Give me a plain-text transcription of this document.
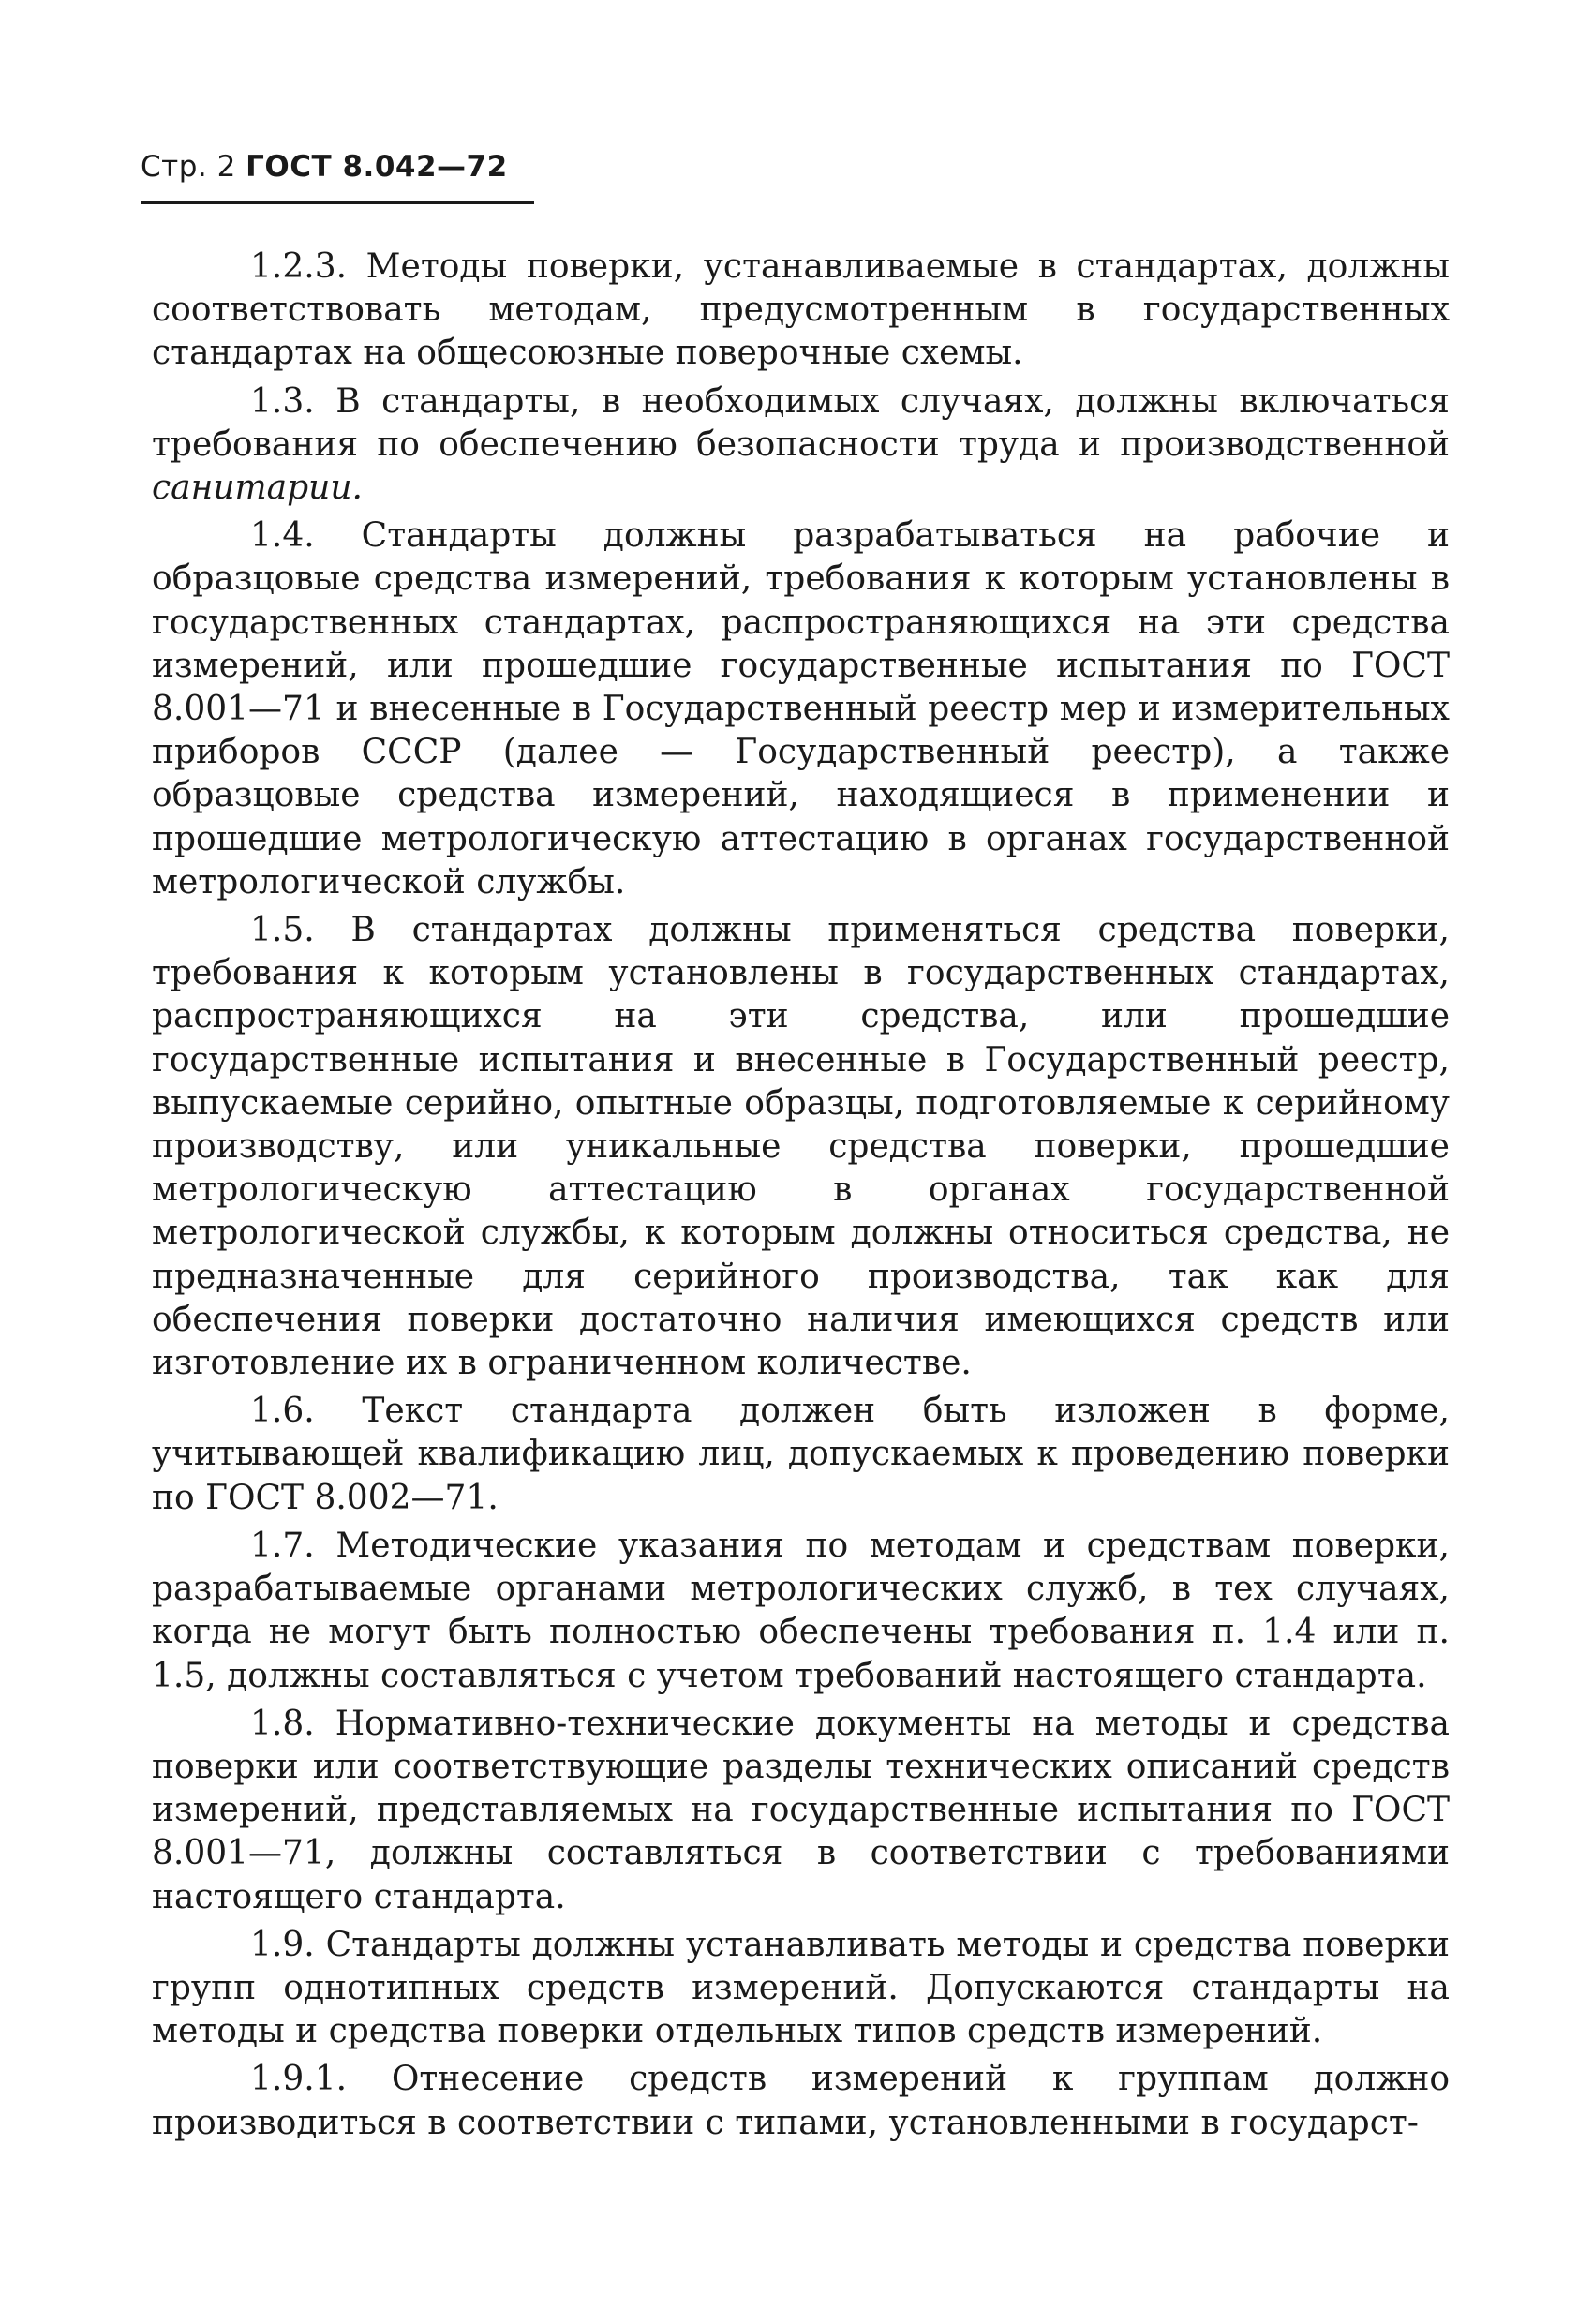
Стр. 2 ГОСТ 8.042—72

1.2.3. Методы поверки, устанавливаемые в стандартах, должны соответствовать методам, предусмотренным в государственных стандартах на общесоюзные поверочные схемы.

1.3. В стандарты, в необходимых случаях, должны включаться требования по обеспечению безопасности труда и производственной санитарии.

1.4. Стандарты должны разрабатываться на рабочие и образцовые средства измерений, требования к которым установлены в государственных стандартах, распространяющихся на эти средства измерений, или прошедшие государственные испытания по ГОСТ 8.001—71 и внесенные в Государственный реестр мер и измерительных приборов СССР (далее — Государственный реестр), а также образцовые средства измерений, находящиеся в применении и прошедшие метрологическую аттестацию в органах государственной метрологической службы.

1.5. В стандартах должны применяться средства поверки, требования к которым установлены в государственных стандартах, распространяющихся на эти средства, или прошедшие государственные испытания и внесенные в Государственный реестр, выпускаемые серийно, опытные образцы, подготовляемые к серийному производству, или уникальные средства поверки, прошедшие метрологическую аттестацию в органах государственной метрологической службы, к которым должны относиться средства, не предназначенные для серийного производства, так как для обеспечения поверки достаточно наличия имеющихся средств или изготовление их в ограниченном количестве.

1.6. Текст стандарта должен быть изложен в форме, учитывающей квалификацию лиц, допускаемых к проведению поверки по ГОСТ 8.002—71.

1.7. Методические указания по методам и средствам поверки, разрабатываемые органами метрологических служб, в тех случаях, когда не могут быть полностью обеспечены требования п. 1.4 или п. 1.5, должны составляться с учетом требований настоящего стандарта.

1.8. Нормативно-технические документы на методы и средства поверки или соответствующие разделы технических описаний средств измерений, представляемых на государственные испытания по ГОСТ 8.001—71, должны составляться в соответствии с требованиями настоящего стандарта.

1.9. Стандарты должны устанавливать методы и средства поверки групп однотипных средств измерений. Допускаются стандарты на методы и средства поверки отдельных типов средств измерений.

1.9.1. Отнесение средств измерений к группам должно производиться в соответствии с типами, установленными в государст-
